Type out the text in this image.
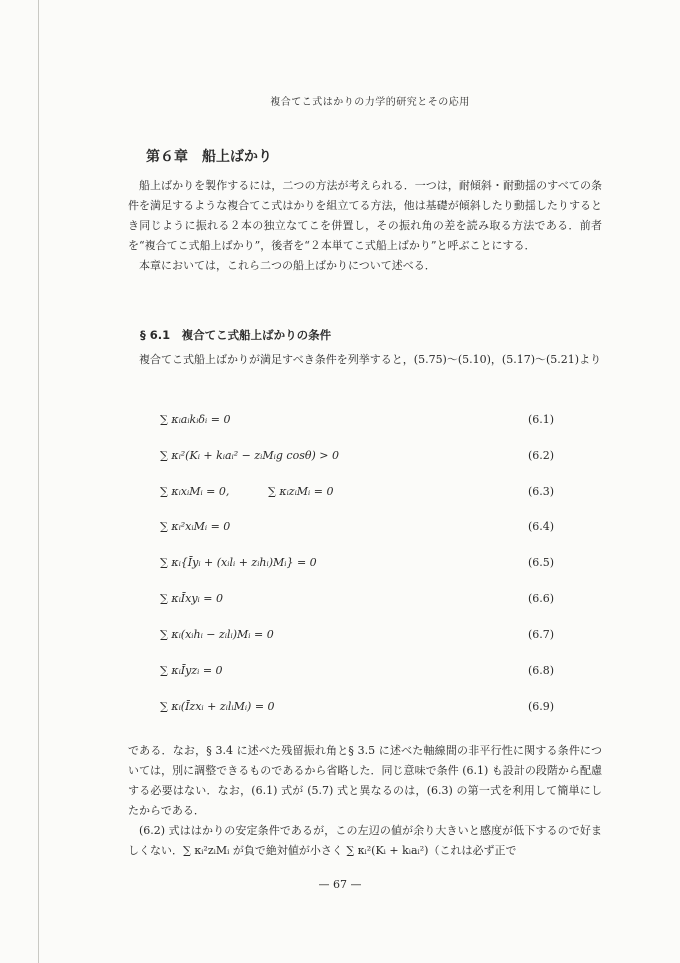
複合てこ式はかりの力学的研究とその応用
第６章　船上ばかり
船上ばかりを製作するには，二つの方法が考えられる．一つは，耐傾斜・耐動揺のすべての条件を満足するような複合てこ式はかりを組立てる方法，他は基礎が傾斜したり動揺したりするとき同じように振れる２本の独立なてこを併置し，その振れ角の差を読み取る方法である．前者を“複合てこ式船上ばかり”，後者を“２本単てこ式船上ばかり”と呼ぶことにする．
本章においては，これら二つの船上ばかりについて述べる．
§ 6.1　複合てこ式船上ばかりの条件
複合てこ式船上ばかりが満足すべき条件を列挙すると，(5.75)～(5.10)，(5.17)～(5.21)より
∑ κᵢaᵢkᵢδᵢ = 0	(6.1)
∑ κᵢ²(Kᵢ + kᵢaᵢ² − zᵢMᵢg cosθ) > 0	(6.2)
∑ κᵢxᵢMᵢ = 0,	∑ κᵢzᵢMᵢ = 0	(6.3)
∑ κᵢ²xᵢMᵢ = 0	(6.4)
∑ κᵢ{Īyᵢ + (xᵢlᵢ + zᵢhᵢ)Mᵢ} = 0	(6.5)
∑ κᵢĪxyᵢ = 0	(6.6)
∑ κᵢ(xᵢhᵢ − zᵢlᵢ)Mᵢ = 0	(6.7)
∑ κᵢĪyzᵢ = 0	(6.8)
∑ κᵢ(Īzxᵢ + zᵢlᵢMᵢ) = 0	(6.9)
である．なお，§ 3.4 に述べた残留振れ角と§ 3.5 に述べた軸線間の非平行性に関する条件については，別に調整できるものであるから省略した．同じ意味で条件 (6.1) も設計の段階から配慮する必要はない．なお，(6.1) 式が (5.7) 式と異なるのは，(6.3) の第一式を利用して簡単にしたからである．
(6.2) 式ははかりの安定条件であるが，この左辺の値が余り大きいと感度が低下するので好ましくない．∑ κᵢ²zᵢMᵢ が負で絶対値が小さく ∑ κᵢ²(Kᵢ + kᵢaᵢ²)（これは必ず正で
— 67 —
